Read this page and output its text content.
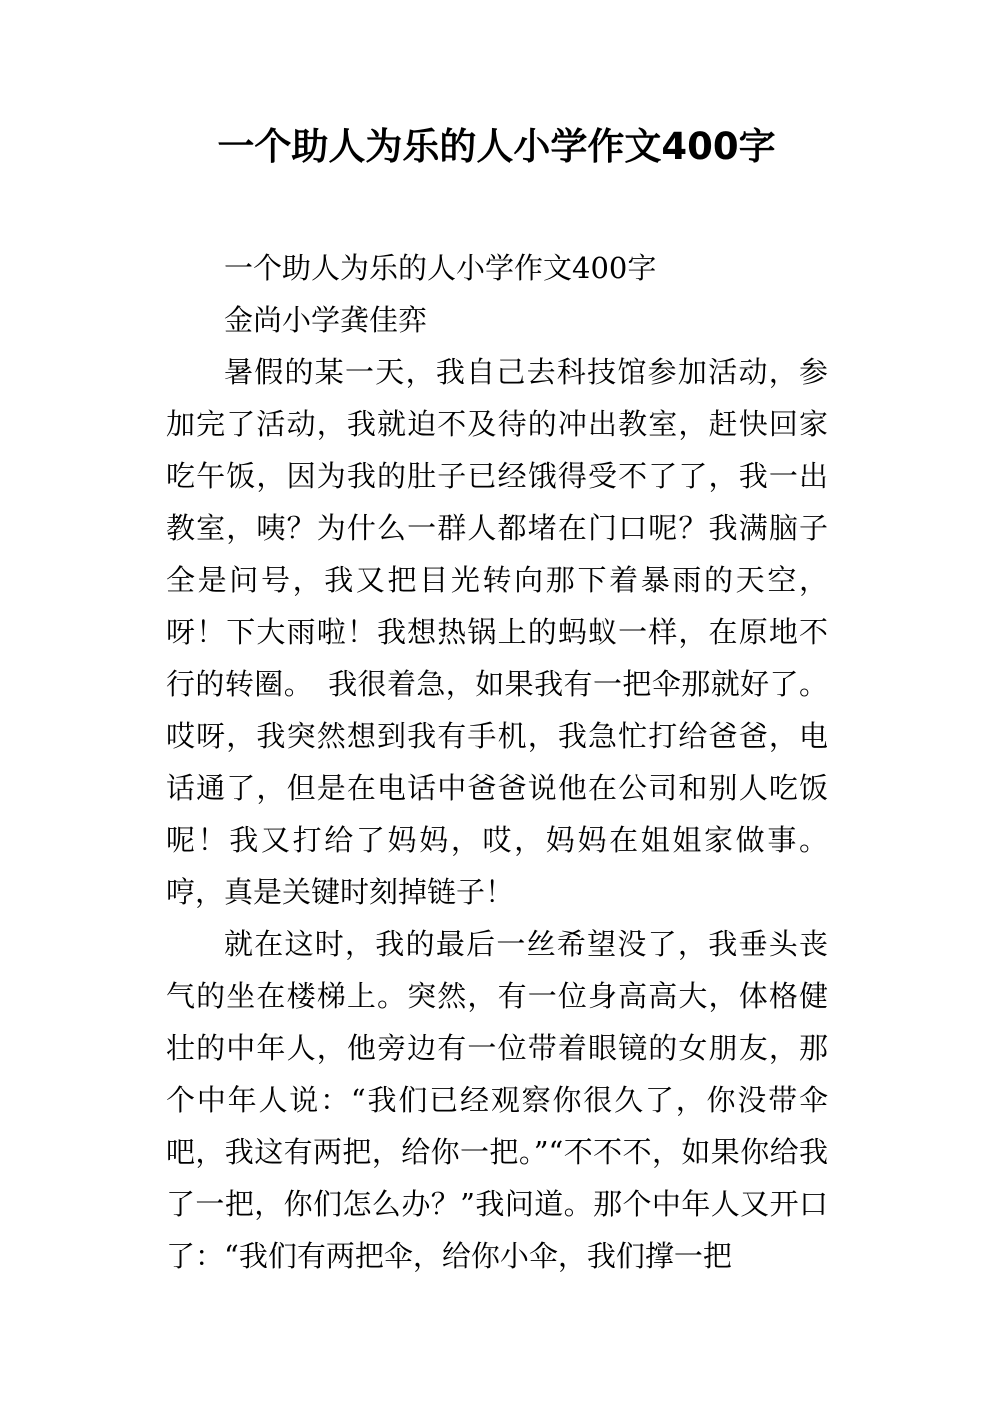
一个助人为乐的人小学作文400字

一个助人为乐的人小学作文400字

金尚小学龚佳弈

暑假的某一天，我自己去科技馆参加活动，参加完了活动，我就迫不及待的冲出教室，赶快回家吃午饭，因为我的肚子已经饿得受不了了，我一出教室，咦？为什么一群人都堵在门口呢？我满脑子全是问号，我又把目光转向那下着暴雨的天空，呀！下大雨啦！我想热锅上的蚂蚁一样，在原地不行的转圈。　我很着急，如果我有一把伞那就好了。哎呀，我突然想到我有手机，我急忙打给爸爸，电话通了，但是在电话中爸爸说他在公司和别人吃饭呢！我又打给了妈妈，哎，妈妈在姐姐家做事。哼，真是关键时刻掉链子！

就在这时，我的最后一丝希望没了，我垂头丧气的坐在楼梯上。突然，有一位身高高大，体格健壮的中年人，他旁边有一位带着眼镜的女朋友，那个中年人说：“我们已经观察你很久了，你没带伞吧，我这有两把，给你一把。”“不不不，如果你给我了一把，你们怎么办？”我问道。那个中年人又开口了：“我们有两把伞，给你小伞，我们撑一把
